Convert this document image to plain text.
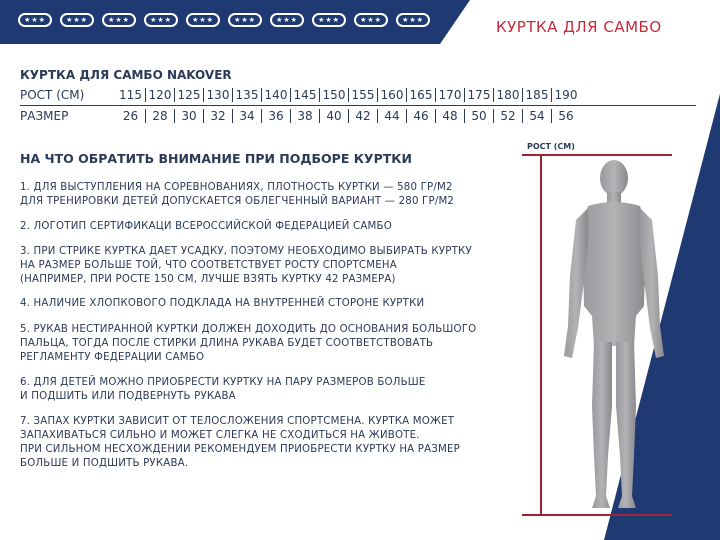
★★★	★★★	★★★	★★★	★★★	★★★	★★★	★★★	★★★	★★★	КУРТКА ДЛЯ САМБО
КУРТКА ДЛЯ САМБО NAKOVER
РОСТ (СМ)	115 120 125 130 135 140 145 150 155 160 165 170 175 180 185 190
РАЗМЕР	26	28	30	32	34	36	38	40	42	44	46	48	50	52	54	56
НА ЧТО ОБРАТИТЬ ВНИМАНИЕ ПРИ ПОДБОРЕ КУРТКИ
1. ДЛЯ ВЫСТУПЛЕНИЯ НА СОРЕВНОВАНИЯХ, ПЛОТНОСТЬ КУРТКИ — 580 ГР/М2
ДЛЯ ТРЕНИРОВКИ ДЕТЕЙ ДОПУСКАЕТСЯ ОБЛЕГЧЕННЫЙ ВАРИАНТ — 280 ГР/М2
2. ЛОГОТИП СЕРТИФИКАЦИ ВСЕРОССИЙСКОЙ ФЕДЕРАЦИЕЙ САМБО
3. ПРИ СТРИКЕ КУРТКА ДАЕТ УСАДКУ, ПОЭТОМУ НЕОБХОДИМО ВЫБИРАТЬ КУРТКУ
НА РАЗМЕР БОЛЬШЕ ТОЙ, ЧТО СООТВЕТСТВУЕТ РОСТУ СПОРТСМЕНА
(НАПРИМЕР, ПРИ РОСТЕ 150 СМ, ЛУЧШЕ ВЗЯТЬ КУРТКУ 42 РАЗМЕРА)
4. НАЛИЧИЕ ХЛОПКОВОГО ПОДКЛАДА НА ВНУТРЕННЕЙ СТОРОНЕ КУРТКИ
5. РУКАВ НЕСТИРАННОЙ КУРТКИ ДОЛЖЕН ДОХОДИТЬ ДО ОСНОВАНИЯ БОЛЬШОГО
ПАЛЬЦА, ТОГДА ПОСЛЕ СТИРКИ ДЛИНА РУКАВА БУДЕТ СООТВЕТСТВОВАТЬ
РЕГЛАМЕНТУ ФЕДЕРАЦИИ САМБО
6. ДЛЯ ДЕТЕЙ МОЖНО ПРИОБРЕСТИ КУРТКУ НА ПАРУ РАЗМЕРОВ БОЛЬШЕ
И ПОДШИТЬ ИЛИ ПОДВЕРНУТЬ РУКАВА
7. ЗАПАХ КУРТКИ ЗАВИСИТ ОТ ТЕЛОСЛОЖЕНИЯ СПОРТСМЕНА. КУРТКА МОЖЕТ
ЗАПАХИВАТЬСЯ СИЛЬНО И МОЖЕТ СЛЕГКА НЕ СХОДИТЬСЯ НА ЖИВОТЕ.
ПРИ СИЛЬНОМ НЕСХОЖДЕНИИ РЕКОМЕНДУЕМ ПРИОБРЕСТИ КУРТКУ НА РАЗМЕР
БОЛЬШЕ И ПОДШИТЬ РУКАВА.
РОСТ (СМ)
